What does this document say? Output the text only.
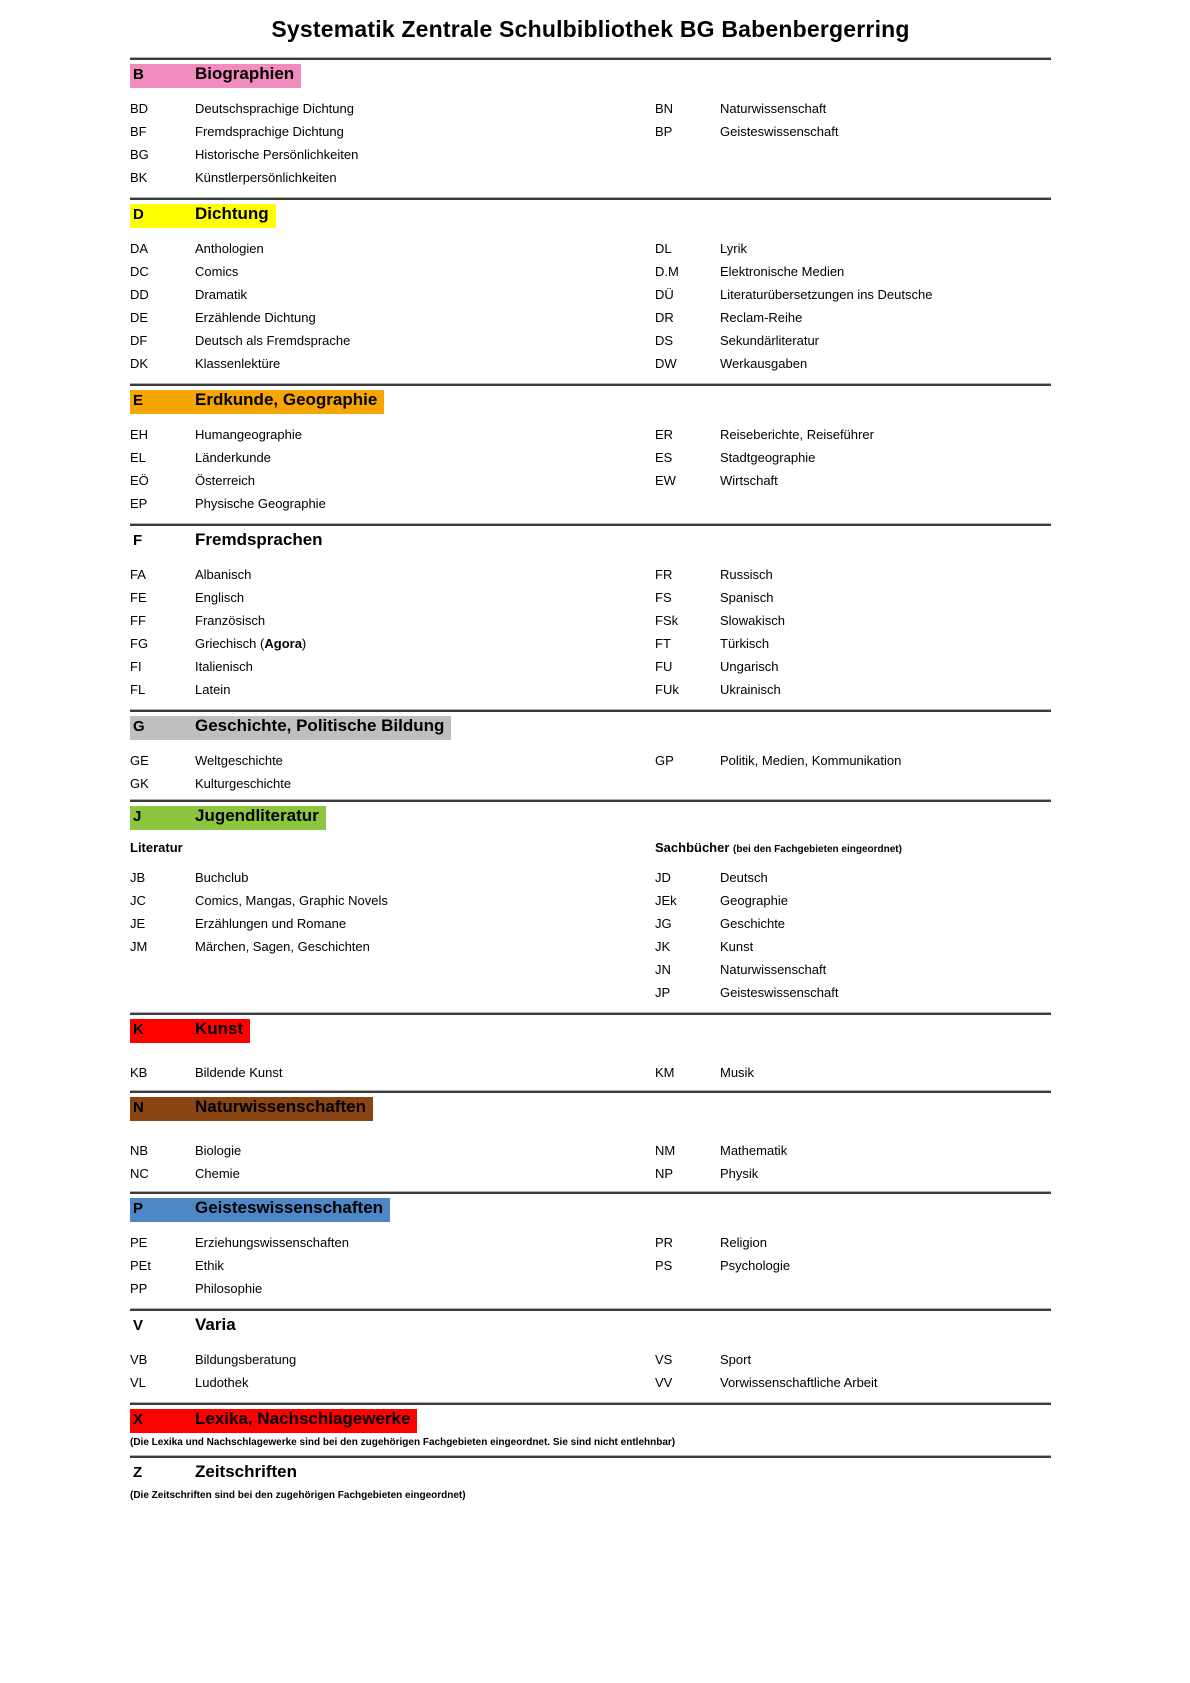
Systematik Zentrale Schulbibliothek BG Babenbergerring
B	Biographien
BD	Deutschsprachige Dichtung
BF	Fremdsprachige Dichtung
BG	Historische Persönlichkeiten
BK	Künstlerpersönlichkeiten
BN	Naturwissenschaft
BP	Geisteswissenschaft
D	Dichtung
DA	Anthologien
DC	Comics
DD	Dramatik
DE	Erzählende Dichtung
DF	Deutsch als Fremdsprache
DK	Klassenlektüre
DL	Lyrik
D.M	Elektronische Medien
DÜ	Literaturübersetzungen ins Deutsche
DR	Reclam-Reihe
DS	Sekundärliteratur
DW	Werkausgaben
E	Erdkunde, Geographie
EH	Humangeographie
EL	Länderkunde
EÖ	Österreich
EP	Physische Geographie
ER	Reiseberichte, Reiseführer
ES	Stadtgeographie
EW	Wirtschaft
F	Fremdsprachen
FA	Albanisch
FE	Englisch
FF	Französisch
FG	Griechisch (Agora)
FI	Italienisch
FL	Latein
FR	Russisch
FS	Spanisch
FSk	Slowakisch
FT	Türkisch
FU	Ungarisch
FUk	Ukrainisch
G	Geschichte, Politische Bildung
GE	Weltgeschichte
GK	Kulturgeschichte
GP	Politik, Medien, Kommunikation
J	Jugendliteratur
Literatur	Sachbücher (bei den Fachgebieten eingeordnet)
JB	Buchclub
JC	Comics, Mangas, Graphic Novels
JE	Erzählungen und Romane
JM	Märchen, Sagen, Geschichten
JD	Deutsch
JEk	Geographie
JG	Geschichte
JK	Kunst
JN	Naturwissenschaft
JP	Geisteswissenschaft
K	Kunst
KB	Bildende Kunst	KM	Musik
N	Naturwissenschaften
NB	Biologie
NC	Chemie
NM	Mathematik
NP	Physik
P	Geisteswissenschaften
PE	Erziehungswissenschaften
PEt	Ethik
PP	Philosophie
PR	Religion
PS	Psychologie
V	Varia
VB	Bildungsberatung
VL	Ludothek
VS	Sport
VV	Vorwissenschaftliche Arbeit
X	Lexika, Nachschlagewerke
(Die Lexika und Nachschlagewerke sind bei den zugehörigen Fachgebieten eingeordnet. Sie sind nicht entlehnbar)
Z	Zeitschriften
(Die Zeitschriften sind bei den zugehörigen Fachgebieten eingeordnet)
